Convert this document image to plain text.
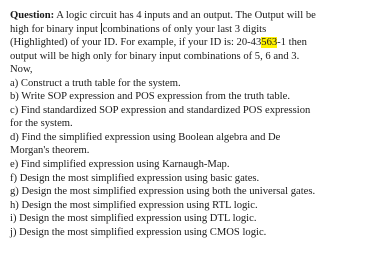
Question: A logic circuit has 4 inputs and an output. The Output will be
high for binary input combinations of only your last 3 digits
(Highlighted) of your ID. For example, if your ID is: 20-43563-1 then
output will be high only for binary input combinations of 5, 6 and 3.
Now,
a) Construct a truth table for the system.
b) Write SOP expression and POS expression from the truth table.
c) Find standardized SOP expression and standardized POS expression
for the system.
d) Find the simplified expression using Boolean algebra and De
Morgan's theorem.
e) Find simplified expression using Karnaugh-Map.
f) Design the most simplified expression using basic gates.
g) Design the most simplified expression using both the universal gates.
h) Design the most simplified expression using RTL logic.
i) Design the most simplified expression using DTL logic.
j) Design the most simplified expression using CMOS logic.
